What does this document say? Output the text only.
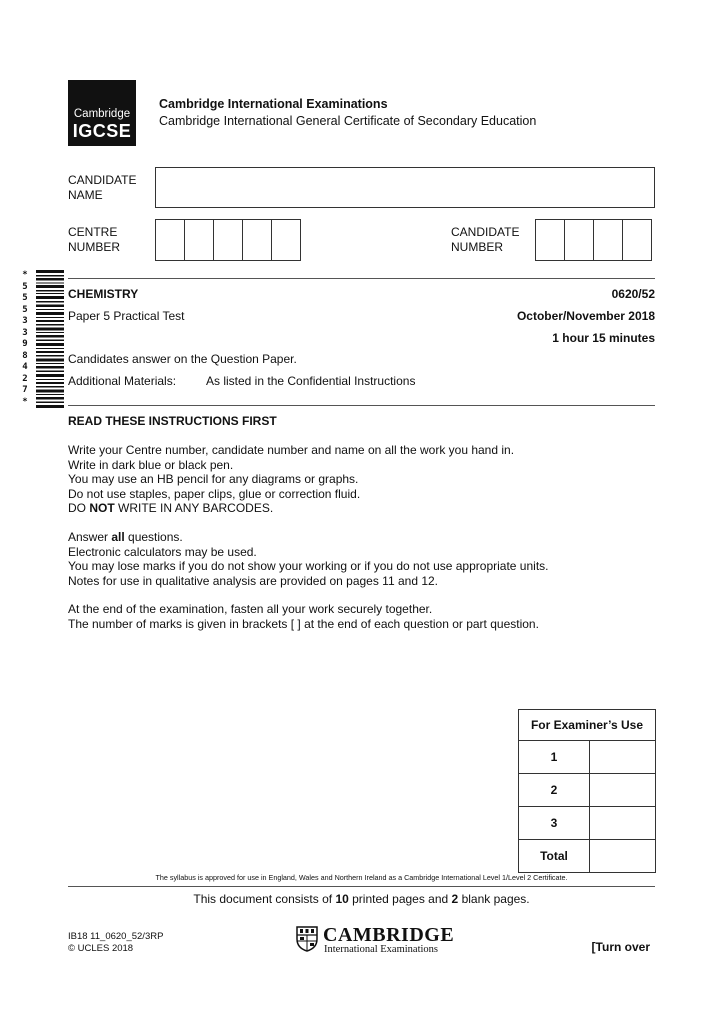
Cambridge
IGCSE
Cambridge International Examinations
Cambridge International General Certificate of Secondary Education
CANDIDATE
NAME
CENTRE
NUMBER
CANDIDATE
NUMBER
*
5
5
5
3
3
9
8
4
2
7
*
CHEMISTRY	0620/52
Paper 5 Practical Test	October/November 2018
1 hour 15 minutes
Candidates answer on the Question Paper.
Additional Materials: As listed in the Confidential Instructions
READ THESE INSTRUCTIONS FIRST

Write your Centre number, candidate number and name on all the work you hand in.

Write in dark blue or black pen.

You may use an HB pencil for any diagrams or graphs.

Do not use staples, paper clips, glue or correction fluid.

DO NOT WRITE IN ANY BARCODES.

Answer all questions.

Electronic calculators may be used.

You may lose marks if you do not show your working or if you do not use appropriate units.

Notes for use in qualitative analysis are provided on pages 11 and 12.

At the end of the examination, fasten all your work securely together.

The number of marks is given in brackets [ ] at the end of each question or part question.

For Examiner’s Use	
1	
2	
3	
Total	
The syllabus is approved for use in England, Wales and Northern Ireland as a Cambridge International Level 1/Level 2 Certificate.
This document consists of 10 printed pages and 2 blank pages.
IB18 11_0620_52/3RP
© UCLES 2018
CAMBRIDGE
International Examinations	[Turn over
